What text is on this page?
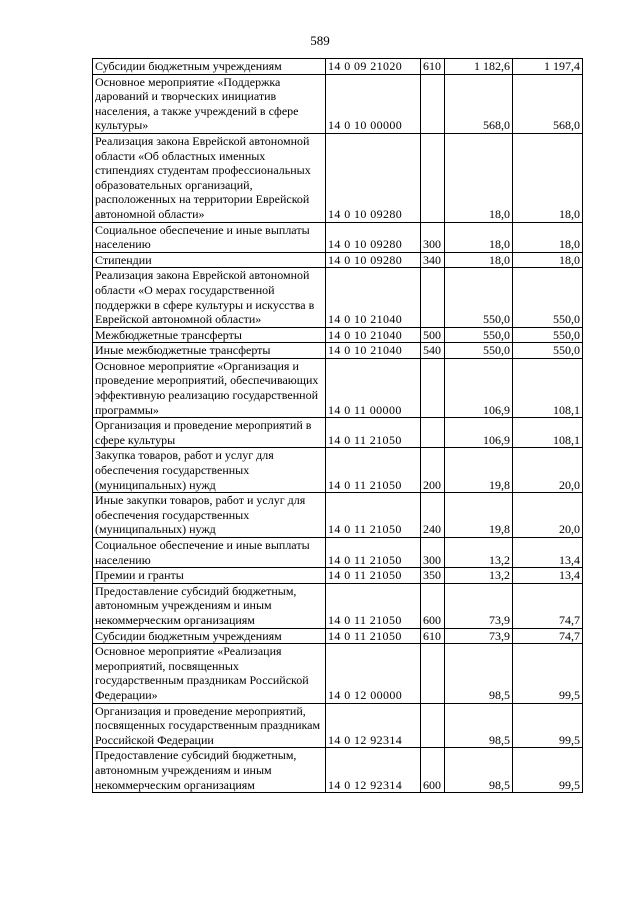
589
Субсидии бюджетным учреждениям	14 0 09 21020	610	1 182,6	1 197,4
Основное мероприятие «Поддержка дарований и творческих инициатив населения, а также учреждений в сфере культуры»	14 0 10 00000		568,0	568,0
Реализация закона Еврейской автономной области «Об областных именных стипендиях студентам профессиональных образовательных организаций, расположенных на территории Еврейской автономной области»	14 0 10 09280		18,0	18,0
Социальное обеспечение и иные выплаты населению	14 0 10 09280	300	18,0	18,0
Стипендии	14 0 10 09280	340	18,0	18,0
Реализация закона Еврейской автономной области «О мерах государственной поддержки в сфере культуры и искусства в Еврейской автономной области»	14 0 10 21040		550,0	550,0
Межбюджетные трансферты	14 0 10 21040	500	550,0	550,0
Иные межбюджетные трансферты	14 0 10 21040	540	550,0	550,0
Основное мероприятие «Организация и проведение мероприятий, обеспечивающих эффективную реализацию государственной программы»	14 0 11 00000		106,9	108,1
Организация и проведение мероприятий в сфере культуры	14 0 11 21050		106,9	108,1
Закупка товаров, работ и услуг для обеспечения государственных (муниципальных) нужд	14 0 11 21050	200	19,8	20,0
Иные закупки товаров, работ и услуг для обеспечения государственных (муниципальных) нужд	14 0 11 21050	240	19,8	20,0
Социальное обеспечение и иные выплаты населению	14 0 11 21050	300	13,2	13,4
Премии и гранты	14 0 11 21050	350	13,2	13,4
Предоставление субсидий бюджетным, автономным учреждениям и иным некоммерческим организациям	14 0 11 21050	600	73,9	74,7
Субсидии бюджетным учреждениям	14 0 11 21050	610	73,9	74,7
Основное мероприятие «Реализация мероприятий, посвященных государственным праздникам Российской Федерации»	14 0 12 00000		98,5	99,5
Организация и проведение мероприятий, посвященных государственным праздникам Российской Федерации	14 0 12 92314		98,5	99,5
Предоставление субсидий бюджетным, автономным учреждениям и иным некоммерческим организациям	14 0 12 92314	600	98,5	99,5
